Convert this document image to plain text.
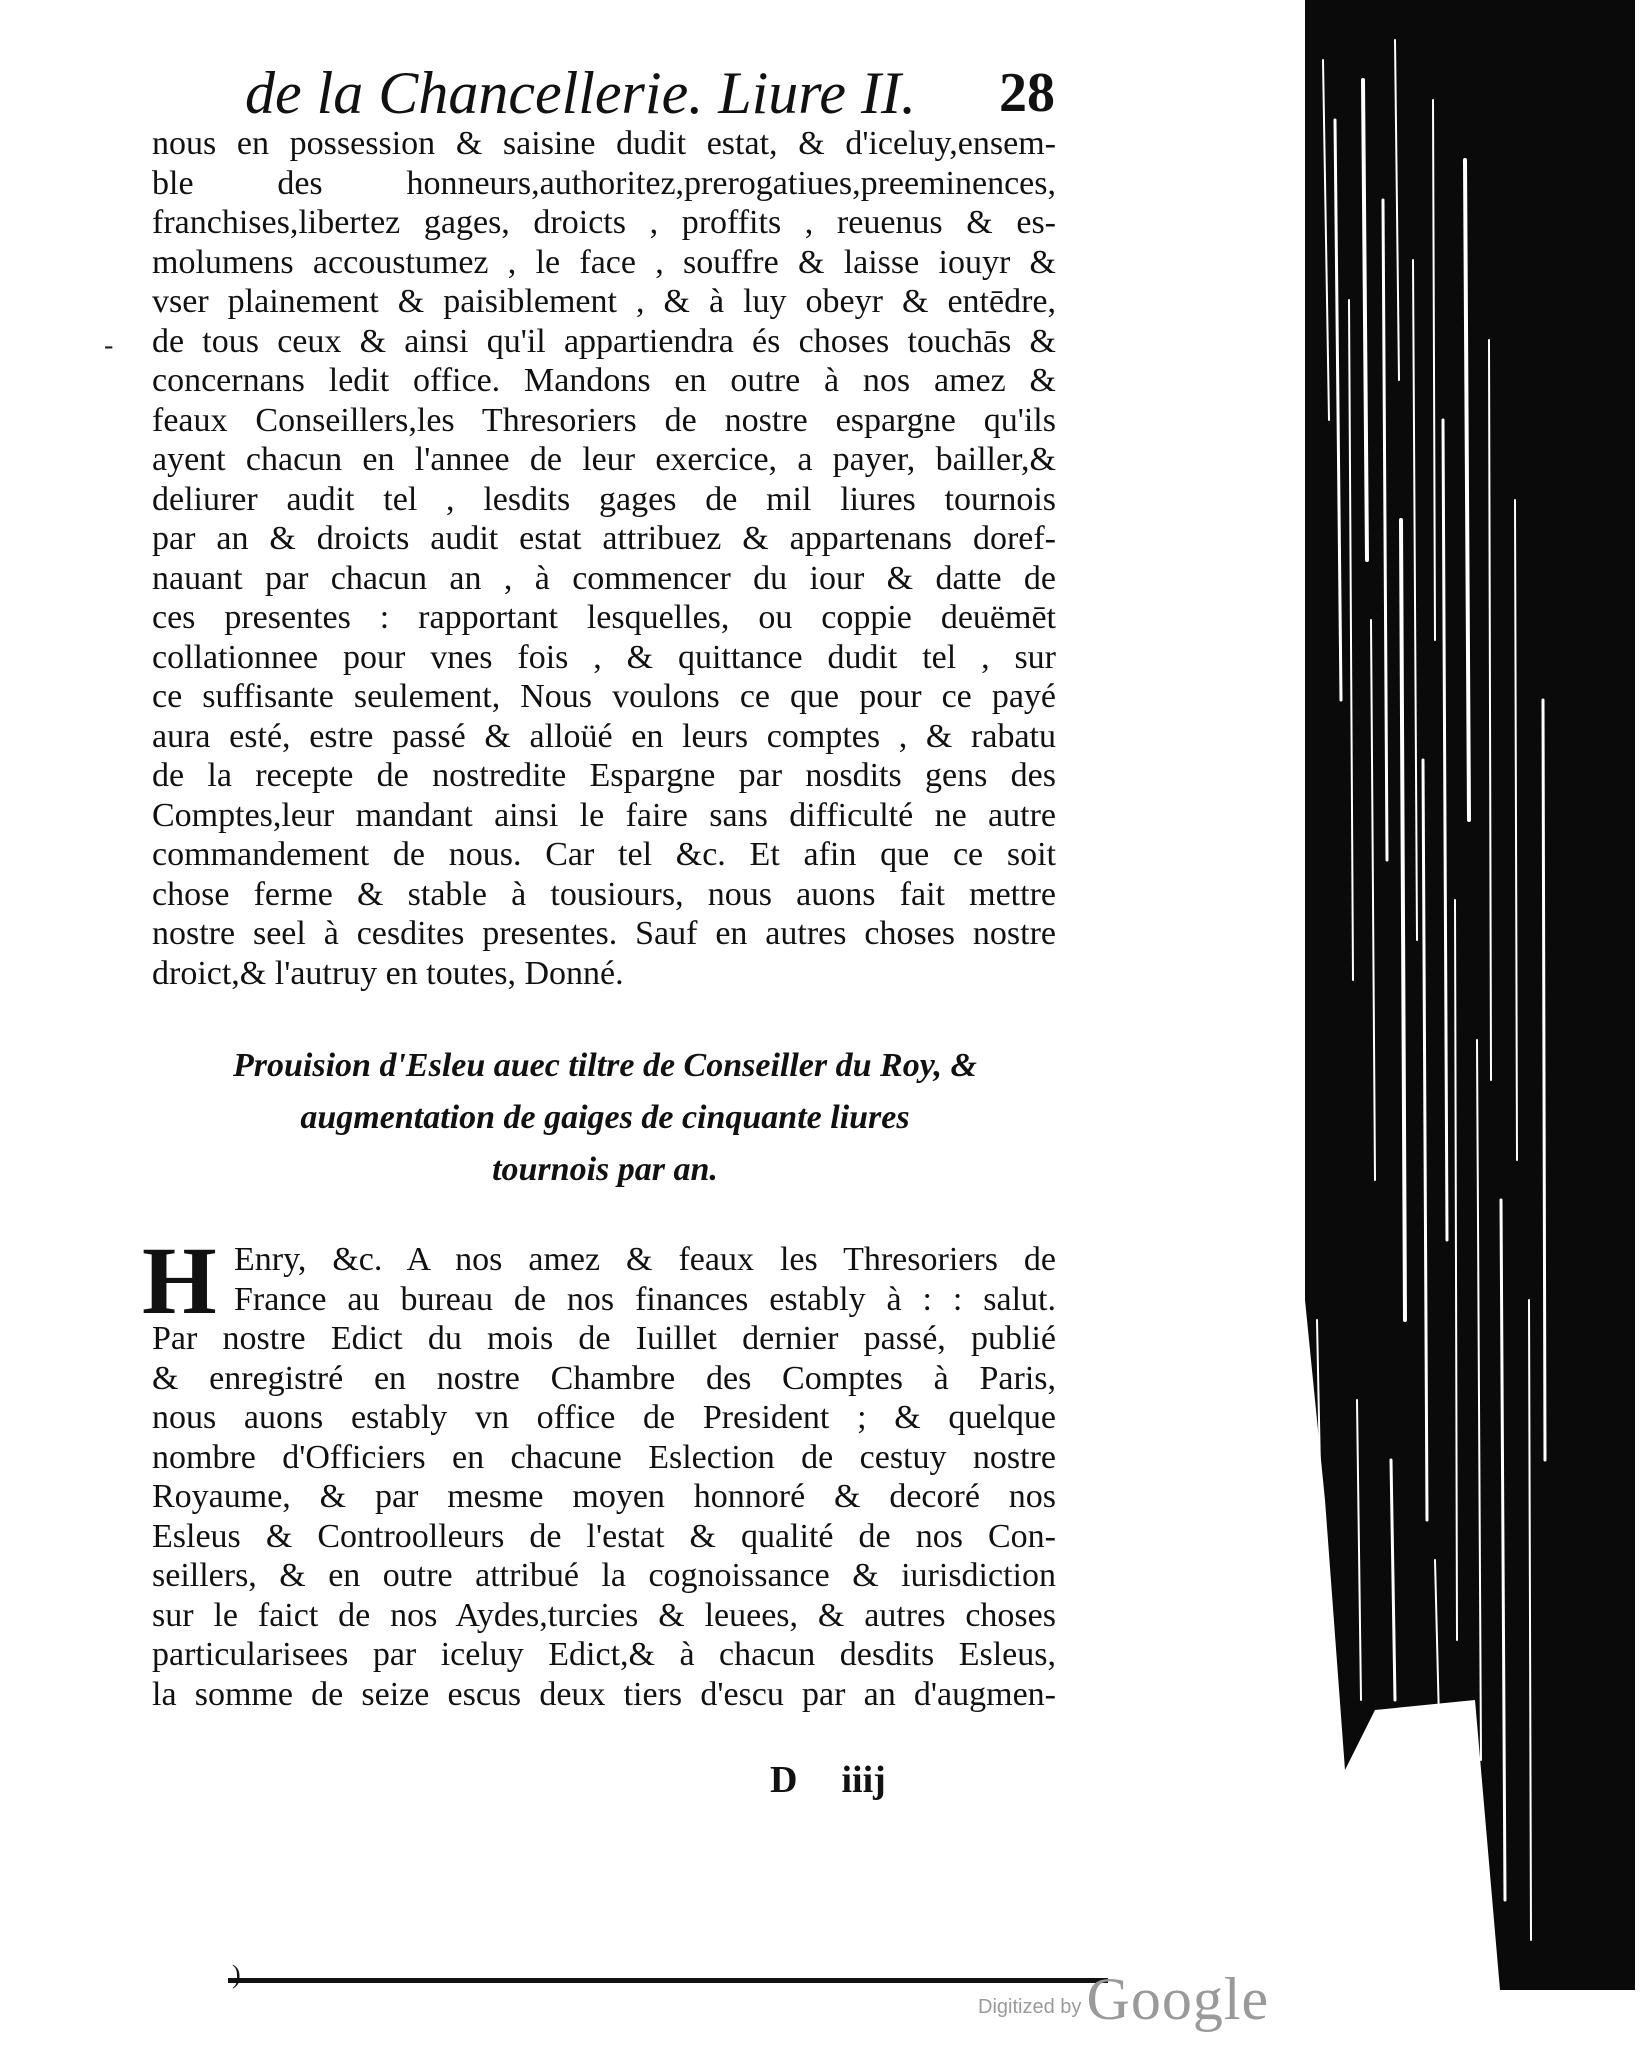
de la Chancellerie. Liure II. 28
nous en possession & saisine dudit estat, & d'iceluy,ensem-
ble des honneurs,authoritez,prerogatiues,preeminences,
franchises,libertez gages, droicts , proffits , reuenus & es-
molumens accoustumez , le face , souffre & laisse iouyr &
vser plainement & paisiblement , & à luy obeyr & entēdre,
de tous ceux & ainsi qu'il appartiendra és choses touchās &
concernans ledit office. Mandons en outre à nos amez &
feaux Conseillers,les Thresoriers de nostre espargne qu'ils
ayent chacun en l'annee de leur exercice, a payer, bailler,&
deliurer audit tel , lesdits gages de mil liures tournois
par an & droicts audit estat attribuez & appartenans doref-
nauant par chacun an , à commencer du iour & datte de
ces presentes : rapportant lesquelles, ou coppie deuëmēt
collationnee pour vnes fois , & quittance dudit tel , sur
ce suffisante seulement, Nous voulons ce que pour ce payé
aura esté, estre passé & alloüé en leurs comptes , & rabatu
de la recepte de nostredite Espargne par nosdits gens des
Comptes,leur mandant ainsi le faire sans difficulté ne autre
commandement de nous. Car tel &c. Et afin que ce soit
chose ferme & stable à tousiours, nous auons fait mettre
nostre seel à cesdites presentes. Sauf en autres choses nostre
droict,& l'autruy en toutes, Donné.
-
Prouision d'Esleu auec tiltre de Conseiller du Roy, &
augmentation de gaiges de cinquante liures
tournois par an.
H Enry, &c. A nos amez & feaux les Thresoriers de
France au bureau de nos finances estably à : : salut.
Par nostre Edict du mois de Iuillet dernier passé, publié
& enregistré en nostre Chambre des Comptes à Paris,
nous auons estably vn office de President ; & quelque
nombre d'Officiers en chacune Eslection de cestuy nostre
Royaume, & par mesme moyen honnoré & decoré nos
Esleus & Controolleurs de l'estat & qualité de nos Con-
seillers, & en outre attribué la cognoissance & iurisdiction
sur le faict de nos Aydes,turcies & leuees, & autres choses
particularisees par iceluy Edict,& à chacun desdits Esleus,
la somme de seize escus deux tiers d'escu par an d'augmen-
D iiij
)
Digitized by Google
